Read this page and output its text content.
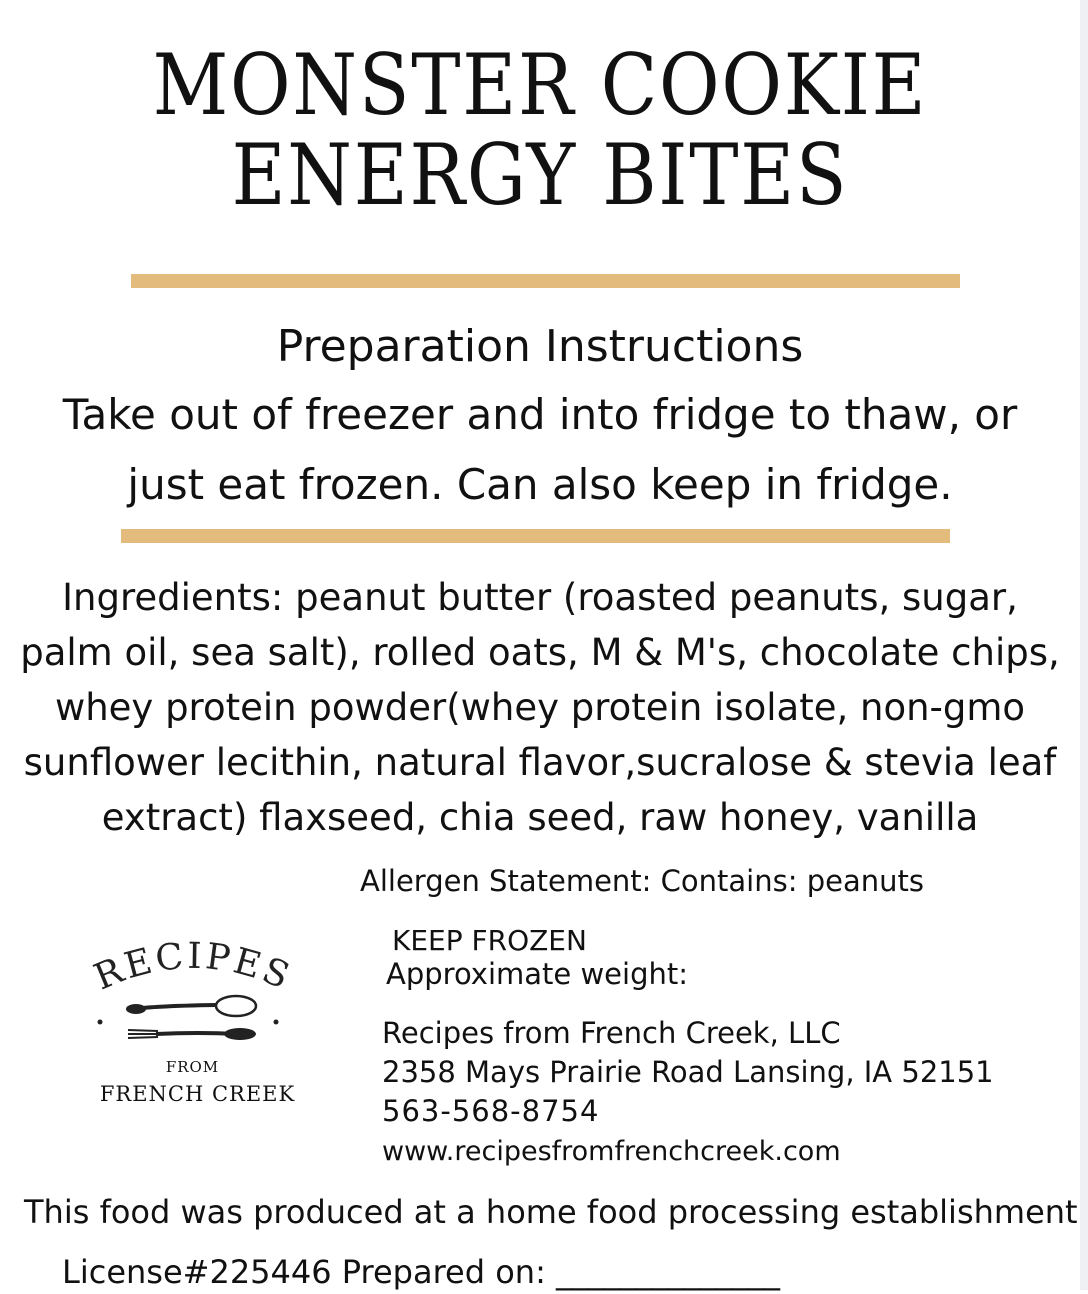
MONSTER COOKIE
ENERGY BITES
Preparation Instructions
Take out of freezer and into fridge to thaw, or
just eat frozen. Can also keep in fridge.
Ingredients: peanut butter (roasted peanuts, sugar,
palm oil, sea salt), rolled oats, M & M's, chocolate chips,
whey protein powder(whey protein isolate, non-gmo
sunflower lecithin, natural flavor,sucralose & stevia leaf
extract) flaxseed, chia seed, raw honey, vanilla
Allergen Statement: Contains: peanuts
KEEP FROZEN
Approximate weight:
Recipes from French Creek, LLC
2358 Mays Prairie Road Lansing, IA 52151
563-568-8754
www.recipesfromfrenchcreek.com
RECIPES
FROM
FRENCH CREEK
This food was produced at a home food processing establishment
License#225446 Prepared on: ______________
